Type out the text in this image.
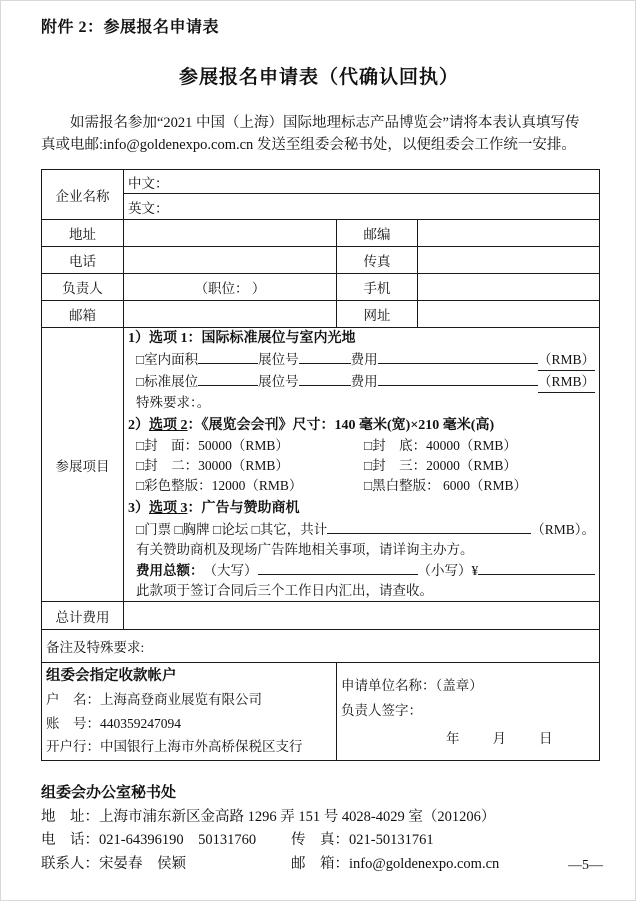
附件 2：参展报名申请表
参展报名申请表（代确认回执）
如需报名参加“2021 中国（上海）国际地理标志产品博览会”请将本表认真填写传
真或电邮:info@goldenexpo.com.cn 发送至组委会秘书处，以便组委会工作统一安排。
企业名称	中文：		
	英文：		
地址		邮编	
电话		传真	
负责人	（职位： ）	手机	
邮箱		网址	
参展项目	
1）选项 1：国际标准展位与室内光地
□室内面积	展位号	费用	（RMB）
□标准展位	展位号	费用	（RMB）
特殊要求：。
2）选项 2：《展览会会刊》尺寸：140 毫米(宽)×210 毫米(高)
□封　面：50000（RMB）	□封　底：40000（RMB）
□封　二：30000（RMB）	□封　三：20000（RMB）
□彩色整版：12000（RMB）	□黑白整版： 6000（RMB）
3）选项 3：广告与赞助商机
□门票 □胸牌 □论坛 □其它，共计	（RMB）。
有关赞助商机及现场广告阵地相关事项，请详询主办方。
费用总额： （大写）	（小写）¥
此款项于签订合同后三个工作日内汇出，请查收。

总计费用			
备注及特殊要求:			

组委会指定收款帐户
户　名：上海高登商业展览有限公司
账　号：440359247094
开户行：中国银行上海市外高桥保税区支行

申请单位名称：（盖章）
负责人签字：
年　　月　　日
组委会办公室秘书处
地　址：上海市浦东新区金高路 1296 弄 151 号 4028-4029 室（201206）
电　话：021-64396190　50131760	传　真：021-50131761
联系人：宋晏春　侯颖	邮　箱：info@goldenexpo.com.cn	—5—
